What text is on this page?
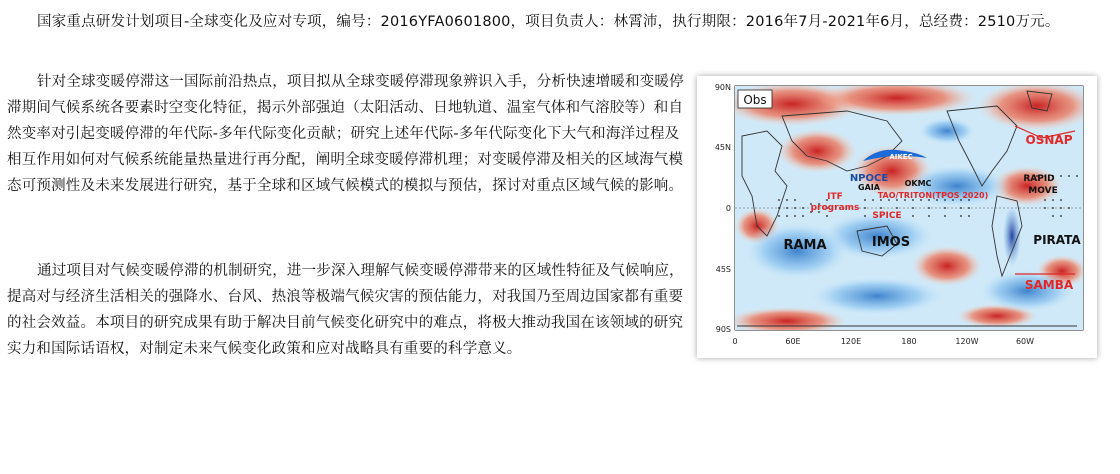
国家重点研发计划项目-全球变化及应对专项，编号：2016YFA0601800，项目负责人：林霄沛，执行期限：2016年7月-2021年6月，总经费：2510万元。

针对全球变暖停滞这一国际前沿热点，项目拟从全球变暖停滞现象辨识入手，分析快速增暖和变暖停滞期间气候系统各要素时空变化特征，揭示外部强迫（太阳活动、日地轨道、温室气体和气溶胶等）和自然变率对引起变暖停滞的年代际-多年代际变化贡献；研究上述年代际-多年代际变化下大气和海洋过程及相互作用如何对气候系统能量热量进行再分配，阐明全球变暖停滞机理；对变暖停滞及相关的区域海气模态可预测性及未来发展进行研究，基于全球和区域气候模式的模拟与预估，探讨对重点区域气候的影响。

通过项目对气候变暖停滞的机制研究，进一步深入理解气候变暖停滞带来的区域性特征及气候响应，提高对与经济生活相关的强降水、台风、热浪等极端气候灾害的预估能力，对我国乃至周边国家都有重要的社会效益。本项目的研究成果有助于解决目前气候变化研究中的难点，将极大推动我国在该领域的研究实力和国际话语权，对制定未来气候变化政策和应对战略具有重要的科学意义。

90N
45N
0
45S
90S
0	60E	120E	180	120W	60W
Obs
OSNAP
AIKEC
NPOCE OKMC
GAIA
RAPID
MOVE
ITF
programs
TAO/TRITON(TPOS 2020)
SPICE
RAMA	IMOS	PIRATA
SAMBA
